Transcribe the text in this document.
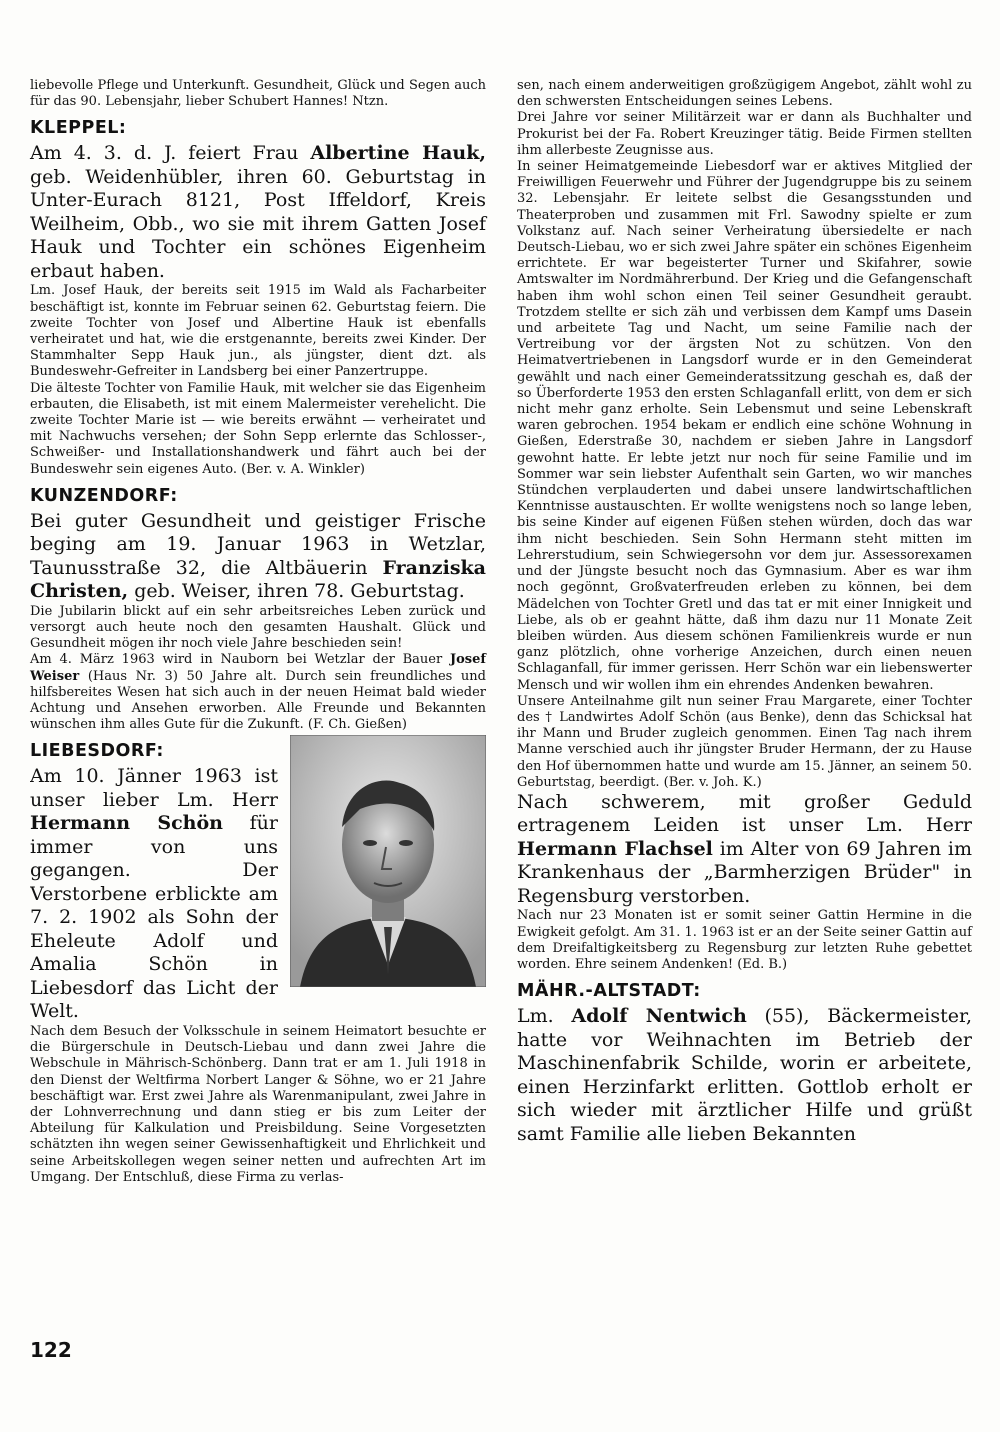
liebevolle Pflege und Unterkunft. Gesundheit, Glück und Segen auch für das 90. Lebensjahr, lieber Schubert Hannes! Ntzn.

KLEPPEL:

Am 4. 3. d. J. feiert Frau Albertine Hauk, geb. Weidenhübler, ihren 60. Geburtstag in Unter-Eurach 8121, Post Iffeldorf, Kreis Weilheim, Obb., wo sie mit ihrem Gatten Josef Hauk und Tochter ein schönes Eigenheim erbaut haben.

Lm. Josef Hauk, der bereits seit 1915 im Wald als Facharbeiter beschäftigt ist, konnte im Februar seinen 62. Geburtstag feiern. Die zweite Tochter von Josef und Albertine Hauk ist ebenfalls verheiratet und hat, wie die erstgenannte, bereits zwei Kinder. Der Stammhalter Sepp Hauk jun., als jüngster, dient dzt. als Bundeswehr-Gefreiter in Landsberg bei einer Panzertruppe.

Die älteste Tochter von Familie Hauk, mit welcher sie das Eigenheim erbauten, die Elisabeth, ist mit einem Malermeister verehelicht. Die zweite Tochter Marie ist — wie bereits erwähnt — verheiratet und mit Nachwuchs versehen; der Sohn Sepp erlernte das Schlosser-, Schweißer- und Installationshandwerk und fährt auch bei der Bundeswehr sein eigenes Auto. (Ber. v. A. Winkler)

KUNZENDORF:

Bei guter Gesundheit und geistiger Frische beging am 19. Januar 1963 in Wetzlar, Taunusstraße 32, die Altbäuerin Franziska Christen, geb. Weiser, ihren 78. Geburtstag.

Die Jubilarin blickt auf ein sehr arbeitsreiches Leben zurück und versorgt auch heute noch den gesamten Haushalt. Glück und Gesundheit mögen ihr noch viele Jahre beschieden sein!

Am 4. März 1963 wird in Nauborn bei Wetzlar der Bauer Josef Weiser (Haus Nr. 3) 50 Jahre alt. Durch sein freundliches und hilfsbereites Wesen hat sich auch in der neuen Heimat bald wieder Achtung und Ansehen erworben. Alle Freunde und Bekannten wünschen ihm alles Gute für die Zukunft. (F. Ch. Gießen)

LIEBESDORF:

Am 10. Jänner 1963 ist unser lieber Lm. Herr Hermann Schön für immer von uns gegangen. Der Verstorbene erblickte am 7. 2. 1902 als Sohn der Eheleute Adolf und Amalia Schön in Liebesdorf das Licht der Welt.

Nach dem Besuch der Volksschule in seinem Heimatort besuchte er die Bürgerschule in Deutsch-Liebau und dann zwei Jahre die Webschule in Mährisch-Schönberg. Dann trat er am 1. Juli 1918 in den Dienst der Weltfirma Norbert Langer & Söhne, wo er 21 Jahre beschäftigt war. Erst zwei Jahre als Warenmanipulant, zwei Jahre in der Lohnverrechnung und dann stieg er bis zum Leiter der Abteilung für Kalkulation und Preisbildung. Seine Vorgesetzten schätzten ihn wegen seiner Gewissenhaftigkeit und Ehrlichkeit und seine Arbeitskollegen wegen seiner netten und aufrechten Art im Umgang. Der Entschluß, diese Firma zu verlas-

sen, nach einem anderweitigen großzügigem Angebot, zählt wohl zu den schwersten Entscheidungen seines Lebens.

Drei Jahre vor seiner Militärzeit war er dann als Buchhalter und Prokurist bei der Fa. Robert Kreuzinger tätig. Beide Firmen stellten ihm allerbeste Zeugnisse aus.

In seiner Heimatgemeinde Liebesdorf war er aktives Mitglied der Freiwilligen Feuerwehr und Führer der Jugendgruppe bis zu seinem 32. Lebensjahr. Er leitete selbst die Gesangsstunden und Theaterproben und zusammen mit Frl. Sawodny spielte er zum Volkstanz auf. Nach seiner Verheiratung übersiedelte er nach Deutsch-Liebau, wo er sich zwei Jahre später ein schönes Eigenheim errichtete. Er war begeisterter Turner und Skifahrer, sowie Amtswalter im Nordmährerbund. Der Krieg und die Gefangenschaft haben ihm wohl schon einen Teil seiner Gesundheit geraubt. Trotzdem stellte er sich zäh und verbissen dem Kampf ums Dasein und arbeitete Tag und Nacht, um seine Familie nach der Vertreibung vor der ärgsten Not zu schützen. Von den Heimatvertriebenen in Langsdorf wurde er in den Gemeinderat gewählt und nach einer Gemeinderatssitzung geschah es, daß der so Überforderte 1953 den ersten Schlaganfall erlitt, von dem er sich nicht mehr ganz erholte. Sein Lebensmut und seine Lebenskraft waren gebrochen. 1954 bekam er endlich eine schöne Wohnung in Gießen, Ederstraße 30, nachdem er sieben Jahre in Langsdorf gewohnt hatte. Er lebte jetzt nur noch für seine Familie und im Sommer war sein liebster Aufenthalt sein Garten, wo wir manches Stündchen verplauderten und dabei unsere landwirtschaftlichen Kenntnisse austauschten. Er wollte wenigstens noch so lange leben, bis seine Kinder auf eigenen Füßen stehen würden, doch das war ihm nicht beschieden. Sein Sohn Hermann steht mitten im Lehrerstudium, sein Schwiegersohn vor dem jur. Assessorexamen und der Jüngste besucht noch das Gymnasium. Aber es war ihm noch gegönnt, Großvaterfreuden erleben zu können, bei dem Mädelchen von Tochter Gretl und das tat er mit einer Innigkeit und Liebe, als ob er geahnt hätte, daß ihm dazu nur 11 Monate Zeit bleiben würden. Aus diesem schönen Familienkreis wurde er nun ganz plötzlich, ohne vorherige Anzeichen, durch einen neuen Schlaganfall, für immer gerissen. Herr Schön war ein liebenswerter Mensch und wir wollen ihm ein ehrendes Andenken bewahren.

Unsere Anteilnahme gilt nun seiner Frau Margarete, einer Tochter des † Landwirtes Adolf Schön (aus Benke), denn das Schicksal hat ihr Mann und Bruder zugleich genommen. Einen Tag nach ihrem Manne verschied auch ihr jüngster Bruder Hermann, der zu Hause den Hof übernommen hatte und wurde am 15. Jänner, an seinem 50. Geburtstag, beerdigt. (Ber. v. Joh. K.)

Nach schwerem, mit großer Geduld ertragenem Leiden ist unser Lm. Herr Hermann Flachsel im Alter von 69 Jahren im Krankenhaus der „Barmherzigen Brüder" in Regensburg verstorben.

Nach nur 23 Monaten ist er somit seiner Gattin Hermine in die Ewigkeit gefolgt. Am 31. 1. 1963 ist er an der Seite seiner Gattin auf dem Dreifaltigkeitsberg zu Regensburg zur letzten Ruhe gebettet worden. Ehre seinem Andenken! (Ed. B.)

MÄHR.-ALTSTADT:

Lm. Adolf Nentwich (55), Bäckermeister, hatte vor Weihnachten im Betrieb der Maschinenfabrik Schilde, worin er arbeitete, einen Herzinfarkt erlitten. Gottlob erholt er sich wieder mit ärztlicher Hilfe und grüßt samt Familie alle lieben Bekannten

122
